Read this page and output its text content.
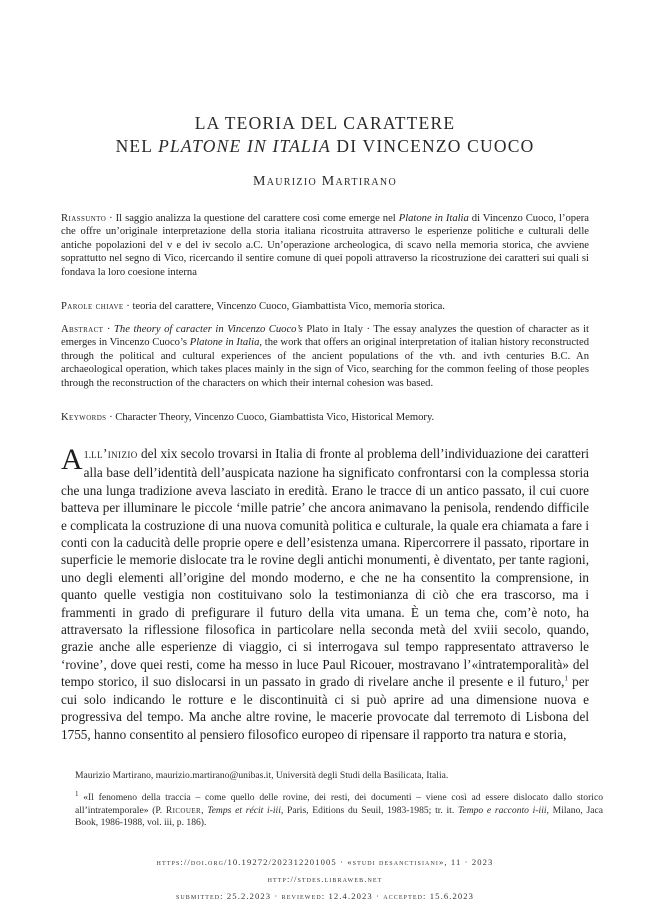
LA TEORIA DEL CARATTERE
NEL PLATONE IN ITALIA DI VINCENZO CUOCO
Maurizio Martirano
Riassunto · Il saggio analizza la questione del carattere così come emerge nel Platone in Italia di Vincenzo Cuoco, l’opera che offre un’originale interpretazione della storia italiana ricostruita attraverso le esperienze politiche e culturali delle antiche popolazioni del v e del iv secolo a.C. Un’operazione archeologica, di scavo nella memoria storica, che avviene soprattutto nel segno di Vico, ricercando il sentire comune di quei popoli attraverso la ricostruzione dei caratteri sui quali si fondava la loro coesione interna
Parole chiave · teoria del carattere, Vincenzo Cuoco, Giambattista Vico, memoria storica.
Abstract · The theory of caracter in Vincenzo Cuoco’s Plato in Italy · The essay analyzes the question of character as it emerges in Vincenzo Cuoco’s Platone in Italia, the work that offers an original interpretation of italian history reconstructed through the political and cultural experiences of the ancient populations of the vth. and ivth centuries B.C. An archaeological operation, which takes places mainly in the sign of Vico, searching for the common feeling of those peoples through the reconstruction of the characters on which their internal cohesion was based.
Keywords · Character Theory, Vincenzo Cuoco, Giambattista Vico, Historical Memory.
1.
A ll’inizio del xix secolo trovarsi in Italia di fronte al problema dell’individuazione dei caratteri alla base dell’identità dell’auspicata nazione ha significato confrontarsi con la complessa storia che una lunga tradizione aveva lasciato in eredità. Erano le tracce di un antico passato, il cui cuore batteva per illuminare le piccole ‘mille patrie’ che ancora animavano la penisola, rendendo difficile e complicata la costruzione di una nuova comunità politica e culturale, la quale era chiamata a fare i conti con la caducità delle proprie opere e dell’esistenza umana. Ripercorrere il passato, riportare in superficie le memorie dislocate tra le rovine degli antichi monumenti, è diventato, per tante ragioni, uno degli elementi all’origine del mondo moderno, e che ne ha consentito la comprensione, in quanto quelle vestigia non costituivano solo la testimonianza di ciò che era trascorso, ma i frammenti in grado di prefigurare il futuro della vita umana. È un tema che, com’è noto, ha attraversato la riflessione filosofica in particolare nella seconda metà del xviii secolo, quando, grazie anche alle esperienze di viaggio, ci si interrogava sul tempo rappresentato attraverso le ‘rovine’, dove quei resti, come ha messo in luce Paul Ricouer, mostravano l’«intratemporalità» del tempo storico, il suo dislocarsi in un passato in grado di rivelare anche il presente e il futuro,$^1$ per cui solo indicando le rotture e le discontinuità ci si può aprire ad una dimensione nuova e progressiva del tempo. Ma anche altre rovine, le macerie provocate dal terremoto di Lisbona del 1755, hanno consentito al pensiero filosofico europeo di ripensare il rapporto tra natura e storia,
Maurizio Martirano, maurizio.martirano@unibas.it, Università degli Studi della Basilicata, Italia.
$^1$ «Il fenomeno della traccia – come quello delle rovine, dei resti, dei documenti – viene così ad essere dislocato dallo storico all’intratemporale» (P. Ricouer, Temps et récit i-iii, Paris, Editions du Seuil, 1983-1985; tr. it. Tempo e racconto i-iii, Milano, Jaca Book, 1986-1988, vol. iii, p. 186).
https://doi.org/10.19272/202312201005 · «studi desanctisiani», 11 · 2023
http://stdes.libraweb.net
submitted: 25.2.2023 · reviewed: 12.4.2023 · accepted: 15.6.2023
